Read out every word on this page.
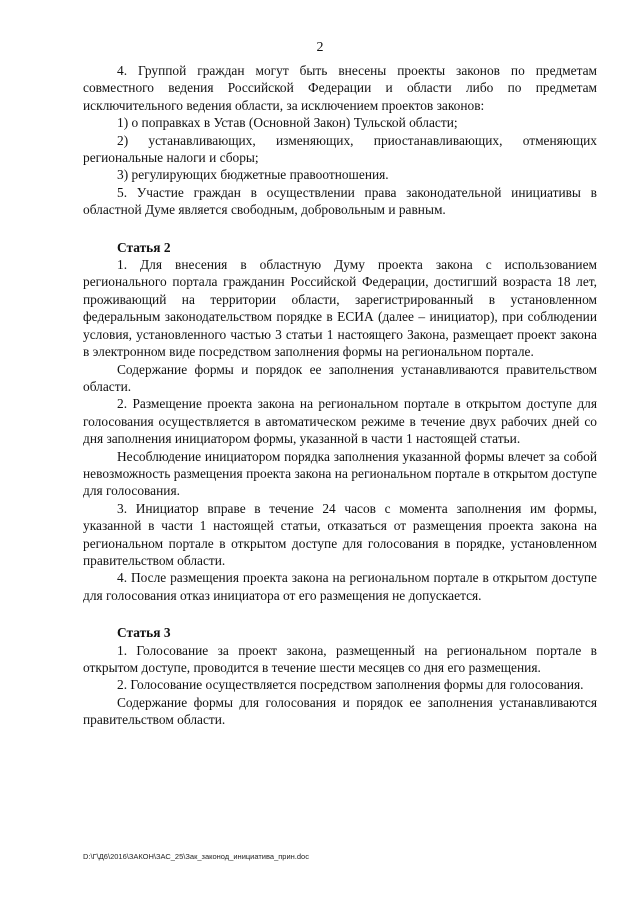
2

4. Группой граждан могут быть внесены проекты законов по предметам совместного ведения Российской Федерации и области либо по предметам исключительного ведения области, за исключением проектов законов:

1) о поправках в Устав (Основной Закон) Тульской области;

2) устанавливающих, изменяющих, приостанавливающих, отменяющих региональные налоги и сборы;

3) регулирующих бюджетные правоотношения.

5. Участие граждан в осуществлении права законодательной инициативы в областной Думе является свободным, добровольным и равным.

Статья 2

1. Для внесения в областную Думу проекта закона с использованием регионального портала гражданин Российской Федерации, достигший возраста 18 лет, проживающий на территории области, зарегистрированный в установленном федеральным законодательством порядке в ЕСИА (далее – инициатор), при соблюдении условия, установленного частью 3 статьи 1 настоящего Закона, размещает проект закона в электронном виде посредством заполнения формы на региональном портале.

Содержание формы и порядок ее заполнения устанавливаются правительством области.

2. Размещение проекта закона на региональном портале в открытом доступе для голосования осуществляется в автоматическом режиме в течение двух рабочих дней со дня заполнения инициатором формы, указанной в части 1 настоящей статьи.

Несоблюдение инициатором порядка заполнения указанной формы влечет за собой невозможность размещения проекта закона на региональном портале в открытом доступе для голосования.

3. Инициатор вправе в течение 24 часов с момента заполнения им формы, указанной в части 1 настоящей статьи, отказаться от размещения проекта закона на региональном портале в открытом доступе для голосования в порядке, установленном правительством области.

4. После размещения проекта закона на региональном портале в открытом доступе для голосования отказ инициатора от его размещения не допускается.

Статья 3

1. Голосование за проект закона, размещенный на региональном портале в открытом доступе, проводится в течение шести месяцев со дня его размещения.

2. Голосование осуществляется посредством заполнения формы для голосования.

Содержание формы для голосования и порядок ее заполнения устанавливаются правительством области.

D:\Г\Д6\2016\ЗАКОН\ЗАС_25\Зак_законод_инициатива_прин.doc
